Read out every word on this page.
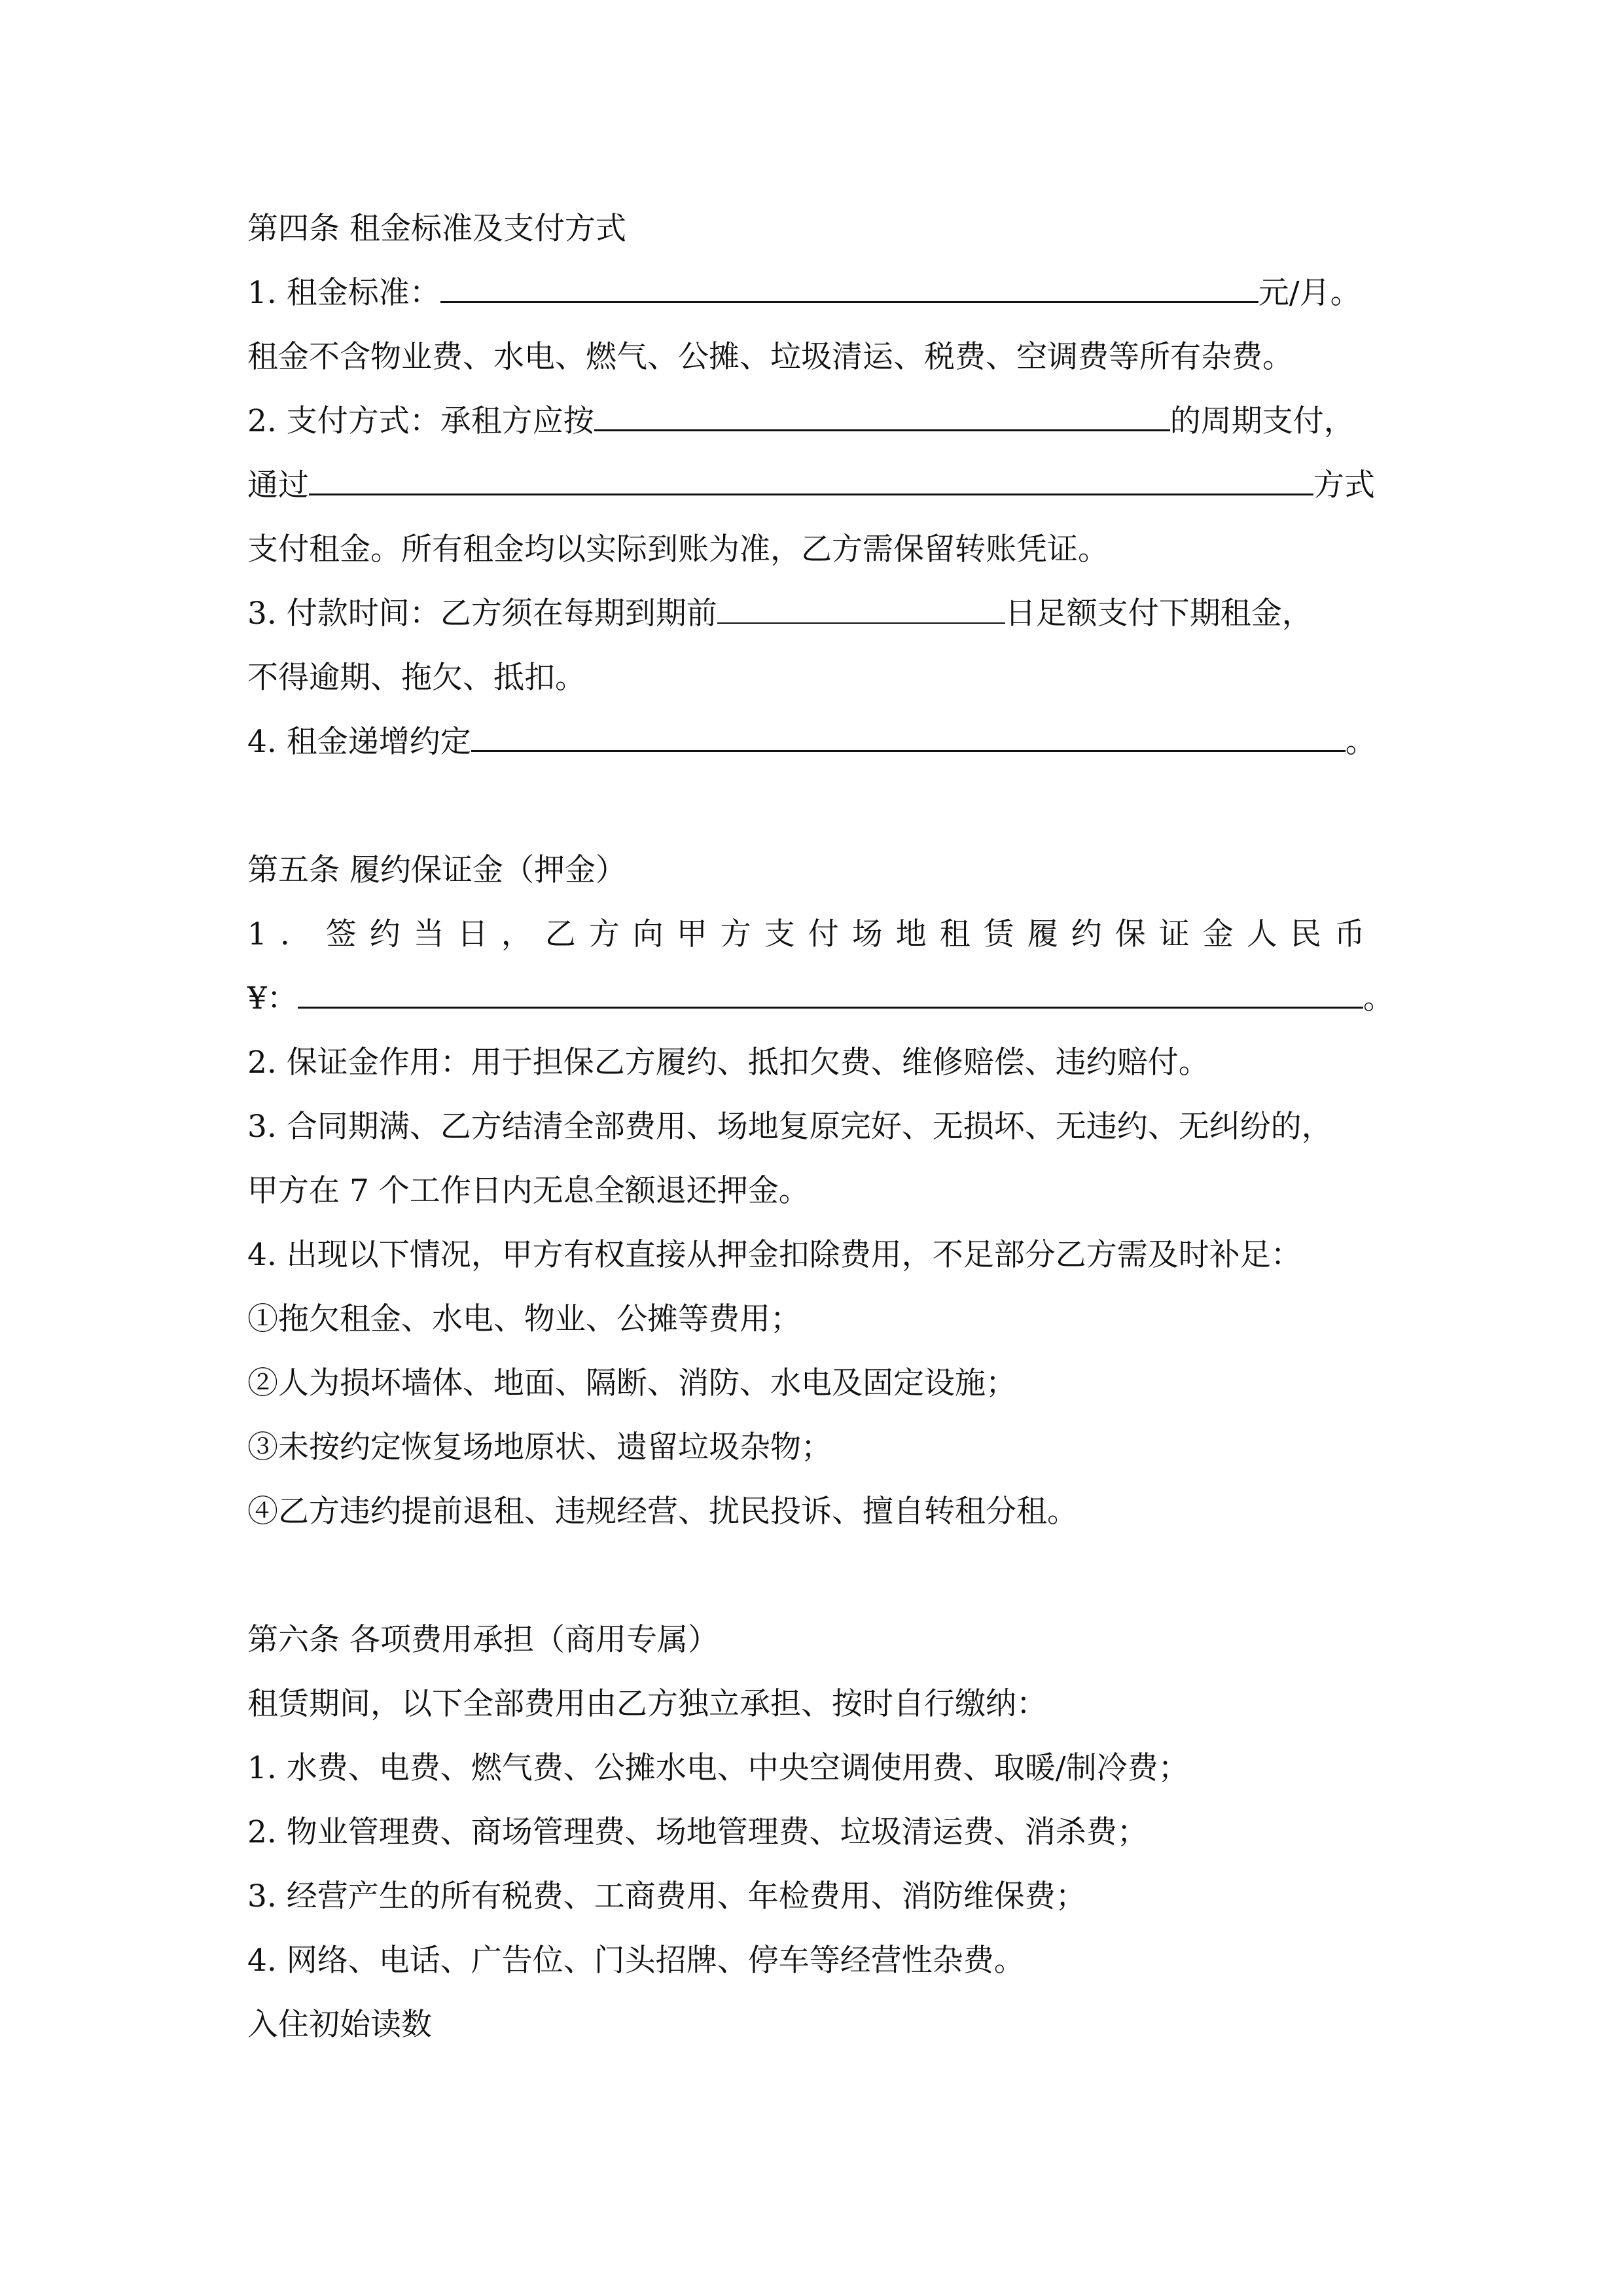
第四条 租金标准及支付方式
1. 租金标准：	元/月。
租金不含物业费、水电、燃气、公摊、垃圾清运、税费、空调费等所有杂费。
2. 支付方式：承租方应按	的周期支付，
通过	方式
支付租金。所有租金均以实际到账为准，乙方需保留转账凭证。
3. 付款时间：乙方须在每期到期前	日足额支付下期租金，
不得逾期、拖欠、抵扣。
4. 租金递增约定	。
第五条 履约保证金（押金）
1. 签约当日，乙方向甲方支付场地租赁履约保证金人民币
¥：	。
2. 保证金作用：用于担保乙方履约、抵扣欠费、维修赔偿、违约赔付。
3. 合同期满、乙方结清全部费用、场地复原完好、无损坏、无违约、无纠纷的，
甲方在 7 个工作日内无息全额退还押金。
4. 出现以下情况，甲方有权直接从押金扣除费用，不足部分乙方需及时补足：
①拖欠租金、水电、物业、公摊等费用；
②人为损坏墙体、地面、隔断、消防、水电及固定设施；
③未按约定恢复场地原状、遗留垃圾杂物；
④乙方违约提前退租、违规经营、扰民投诉、擅自转租分租。
第六条 各项费用承担（商用专属）
租赁期间，以下全部费用由乙方独立承担、按时自行缴纳：
1. 水费、电费、燃气费、公摊水电、中央空调使用费、取暖/制冷费；
2. 物业管理费、商场管理费、场地管理费、垃圾清运费、消杀费；
3. 经营产生的所有税费、工商费用、年检费用、消防维保费；
4. 网络、电话、广告位、门头招牌、停车等经营性杂费。
入住初始读数
